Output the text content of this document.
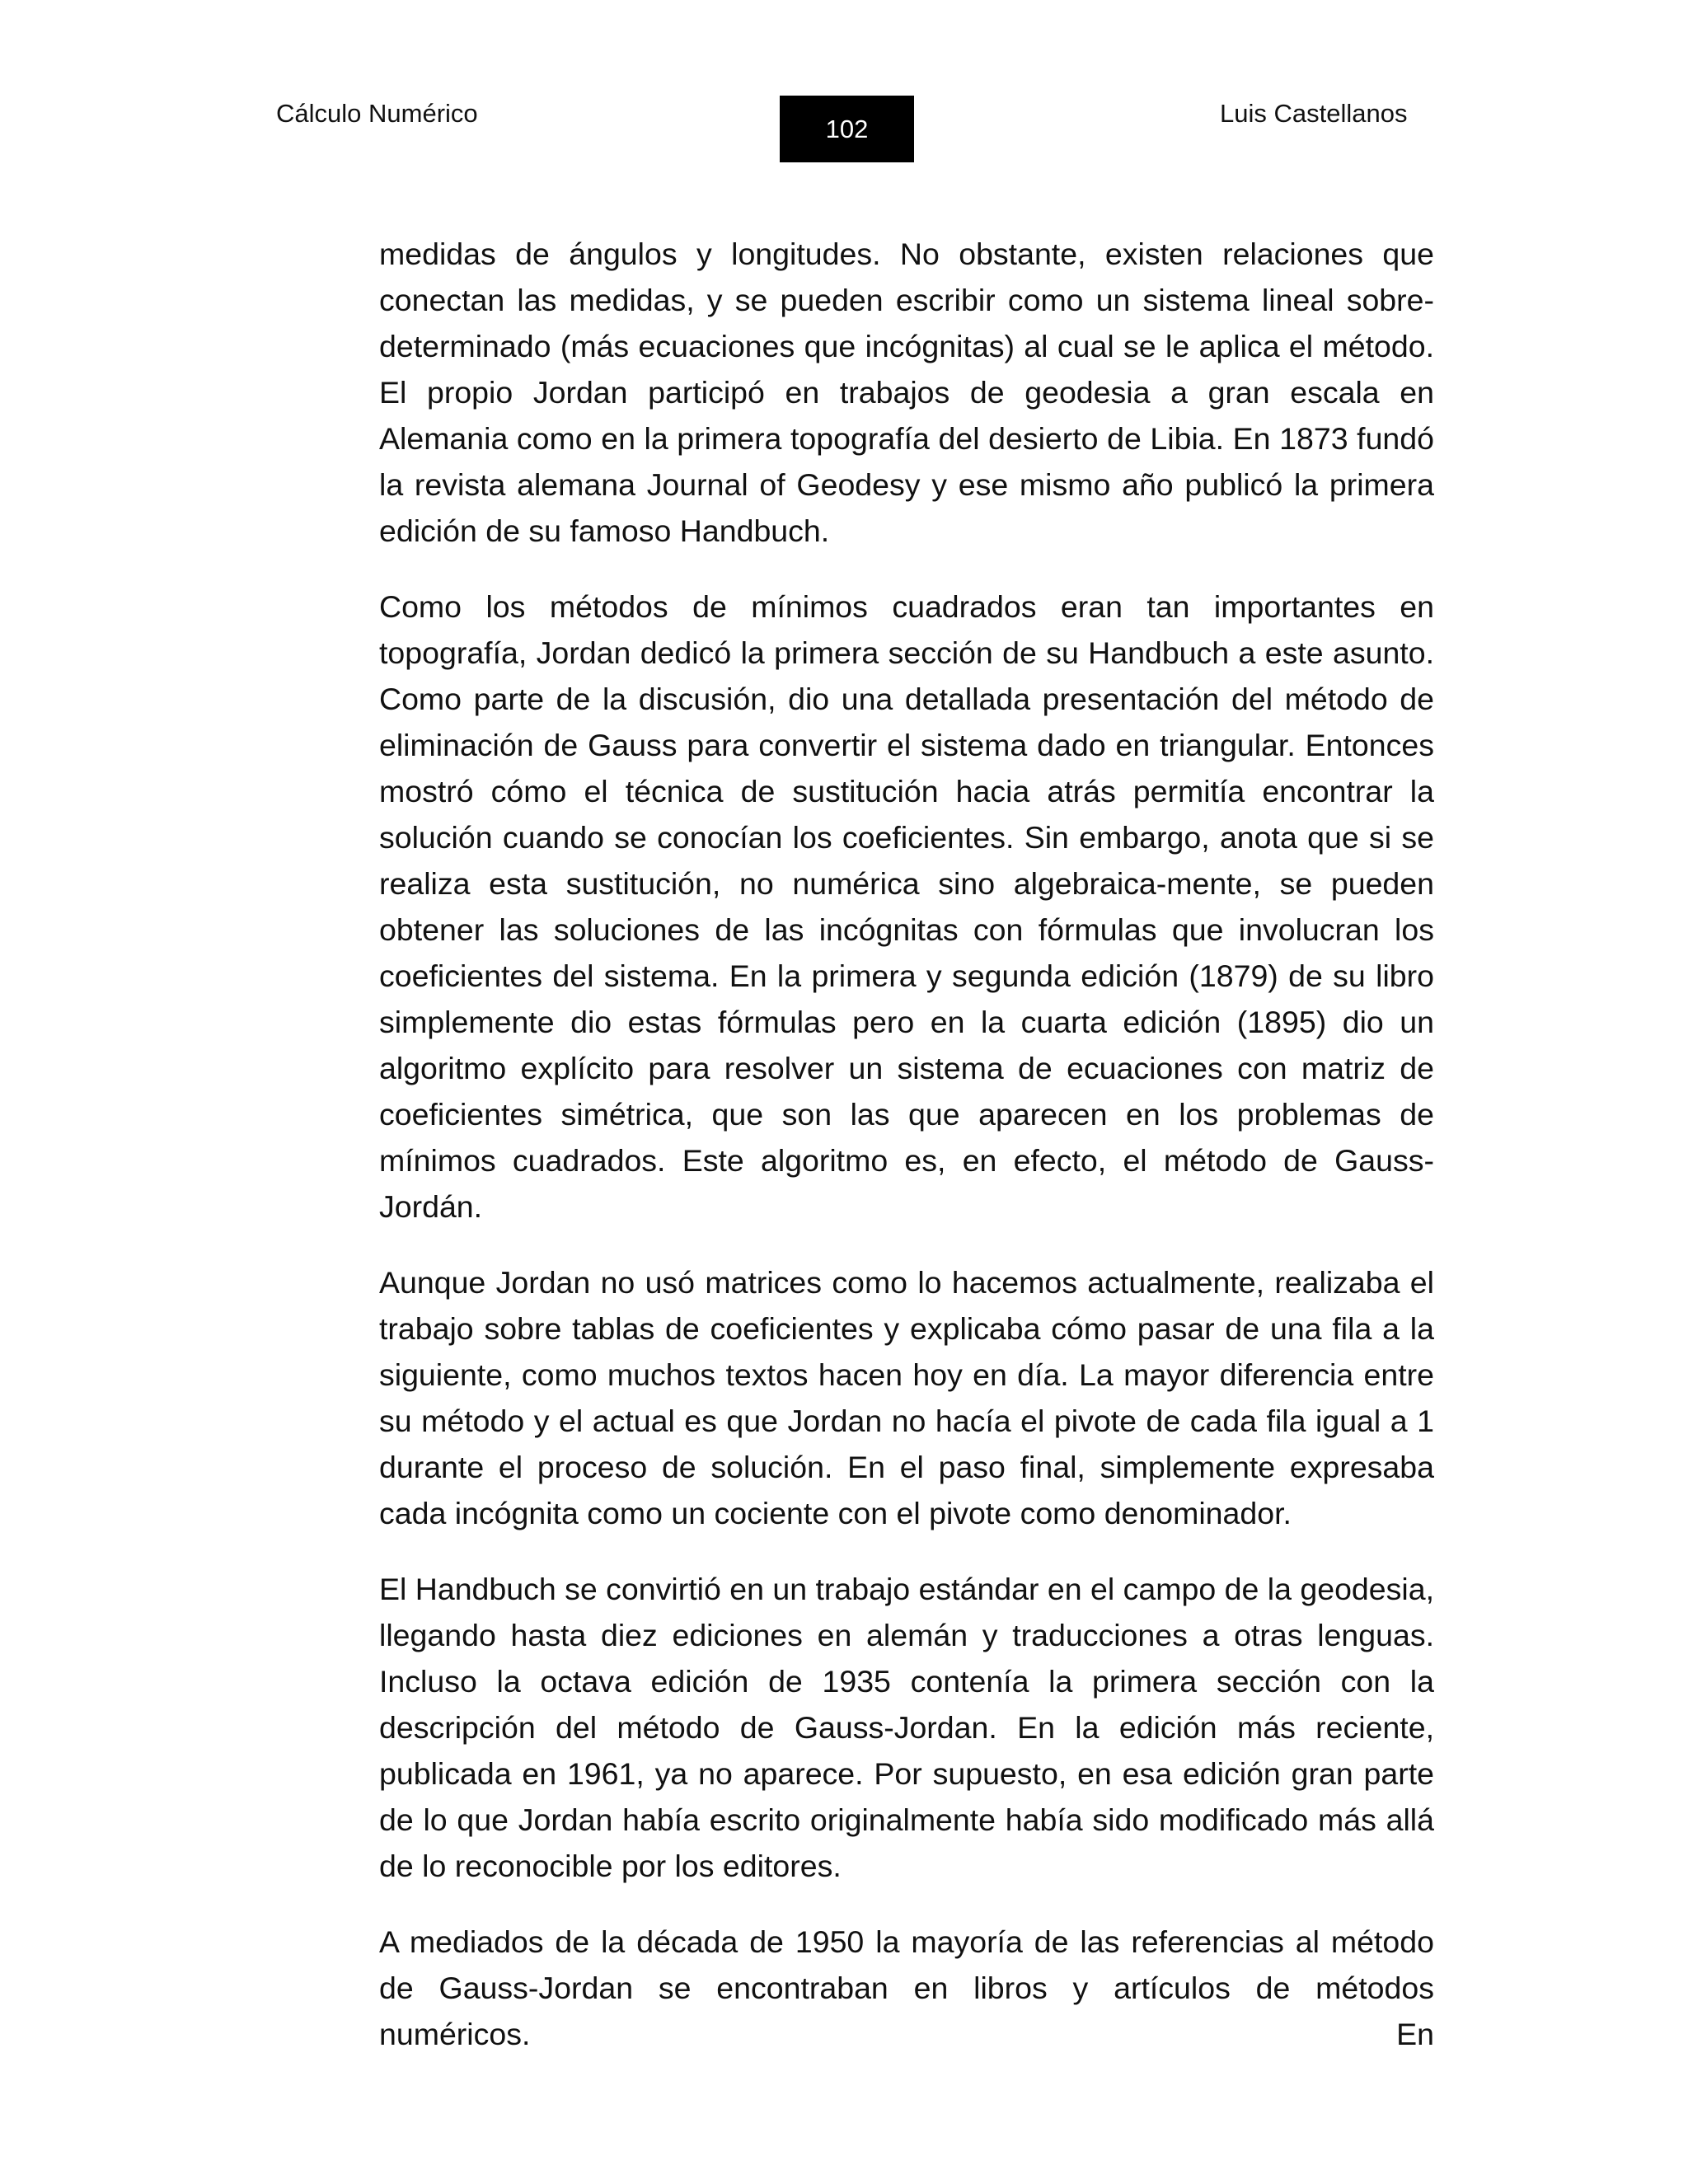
Cálculo Numérico
102
Luis Castellanos

medidas de ángulos y longitudes. No obstante, existen relaciones que conectan las medidas, y se pueden escribir como un sistema lineal sobre-determinado (más ecuaciones que incógnitas) al cual se le aplica el método. El propio Jordan participó en trabajos de geodesia a gran escala en Alemania como en la primera topografía del desierto de Libia. En 1873 fundó la revista alemana Journal of Geodesy y ese mismo año publicó la primera edición de su famoso Handbuch.

Como los métodos de mínimos cuadrados eran tan importantes en topografía, Jordan dedicó la primera sección de su Handbuch a este asunto. Como parte de la discusión, dio una detallada presentación del método de eliminación de Gauss para convertir el sistema dado en triangular. Entonces mostró cómo el técnica de sustitución hacia atrás permitía encontrar la solución cuando se conocían los coeficientes. Sin embargo, anota que si se realiza esta sustitución, no numérica sino algebraica-mente, se pueden obtener las soluciones de las incógnitas con fórmulas que involucran los coeficientes del sistema. En la primera y segunda edición (1879) de su libro simplemente dio estas fórmulas pero en la cuarta edición (1895) dio un algoritmo explícito para resolver un sistema de ecuaciones con matriz de coeficientes simétrica, que son las que aparecen en los problemas de mínimos cuadrados. Este algoritmo es, en efecto, el método de Gauss-Jordán.

Aunque Jordan no usó matrices como lo hacemos actualmente, realizaba el trabajo sobre tablas de coeficientes y explicaba cómo pasar de una fila a la siguiente, como muchos textos hacen hoy en día. La mayor diferencia entre su método y el actual es que Jordan no hacía el pivote de cada fila igual a 1 durante el proceso de solución. En el paso final, simplemente expresaba cada incógnita como un cociente con el pivote como denominador.

El Handbuch se convirtió en un trabajo estándar en el campo de la geodesia, llegando hasta diez ediciones en alemán y traducciones a otras lenguas. Incluso la octava edición de 1935 contenía la primera sección con la descripción del método de Gauss-Jordan. En la edición más reciente, publicada en 1961, ya no aparece. Por supuesto, en esa edición gran parte de lo que Jordan había escrito originalmente había sido modificado más allá de lo reconocible por los editores.

A mediados de la década de 1950 la mayoría de las referencias al método de Gauss-Jordan se encontraban en libros y artículos de métodos numéricos. En
